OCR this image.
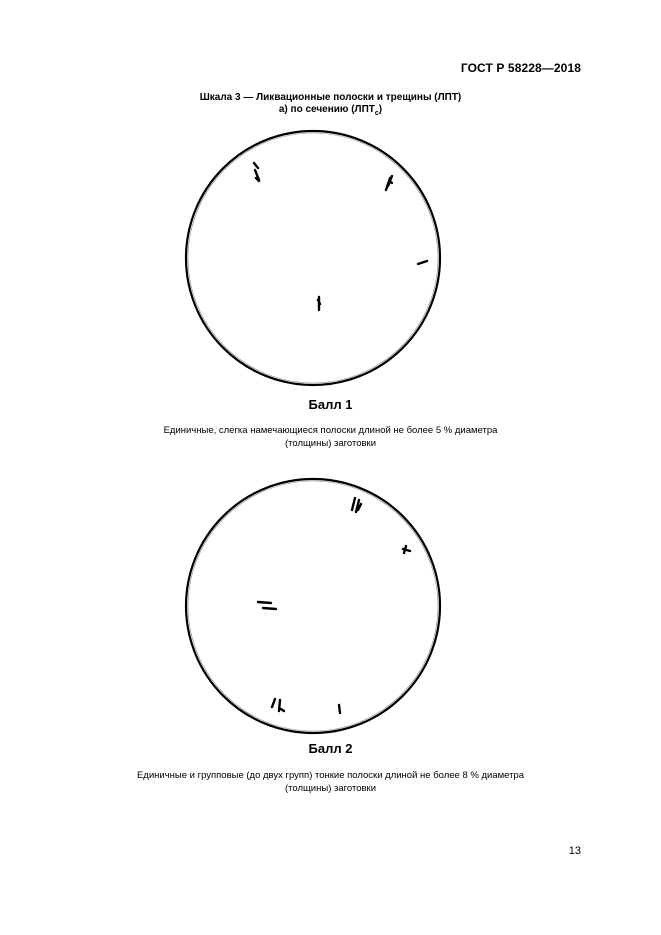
ГОСТ Р 58228—2018
Шкала 3 — Ликвационные полоски и трещины (ЛПТ)
а) по сечению $(ЛПТ_с)$
Балл 1
Единичные, слегка намечающиеся полоски длиной не более 5 % диаметра
(толщины) заготовки
Балл 2
Единичные и групповые (до двух групп) тонкие полоски длиной не более 8 % диаметра
(толщины) заготовки
13
